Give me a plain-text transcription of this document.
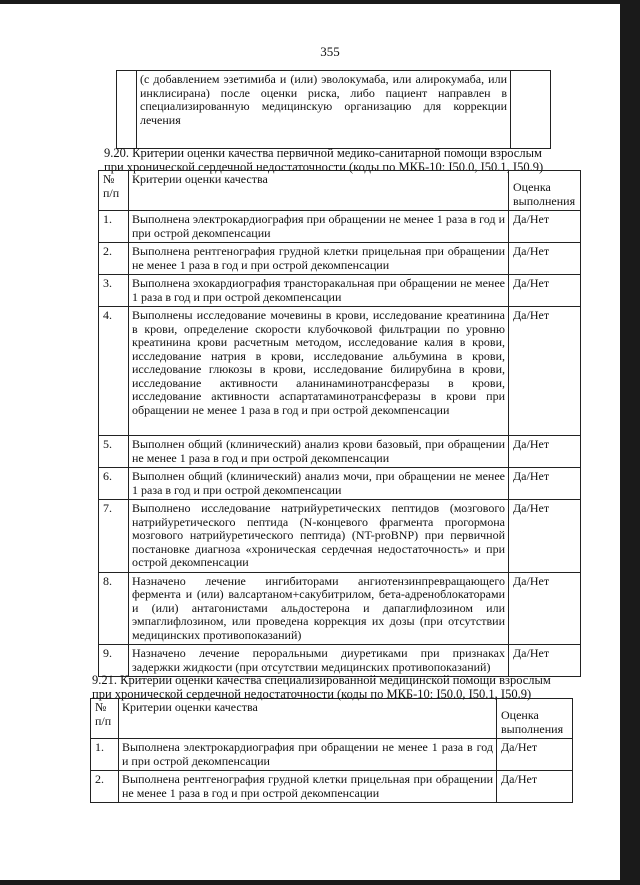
355
	(с добавлением эзетимиба и (или) эволокумаба, или алирокумаба, или инклисирана) после оценки риска, либо пациент направлен в специализированную медицинскую организацию для коррекции лечения	
9.20. Критерии оценки качества первичной медико-санитарной помощи взрослым
при хронической сердечной недостаточности (коды по МКБ-10: I50.0, I50.1, I50.9)
№ п/п	Критерии оценки качества	Оценка выполнения
1.	Выполнена электрокардиография при обращении не менее 1 раза в год и при острой декомпенсации	Да/Нет
2.	Выполнена рентгенография грудной клетки прицельная при обращении не менее 1 раза в год и при острой декомпенсации	Да/Нет
3.	Выполнена эхокардиография трансторакальная при обращении не менее 1 раза в год и при острой декомпенсации	Да/Нет
4.	Выполнены исследование мочевины в крови, исследование креатинина в крови, определение скорости клубочковой фильтрации по уровню креатинина крови расчетным методом, исследование калия в крови, исследование натрия в крови, исследование альбумина в крови, исследование глюкозы в крови, исследование билирубина в крови, исследование активности аланинаминотрансферазы в крови, исследование активности аспартатаминотрансферазы в крови при обращении не менее 1 раза в год и при острой декомпенсации	Да/Нет
5.	Выполнен общий (клинический) анализ крови базовый, при обращении не менее 1 раза в год и при острой декомпенсации	Да/Нет
6.	Выполнен общий (клинический) анализ мочи, при обращении не менее 1 раза в год и при острой декомпенсации	Да/Нет
7.	Выполнено исследование натрийуретических пептидов (мозгового натрийуретического пептида (N-концевого фрагмента прогормона мозгового натрийуретического пептида) (NT-proBNP) при первичной постановке диагноза «хроническая сердечная недостаточность» и при острой декомпенсации	Да/Нет
8.	Назначено лечение ингибиторами ангиотензинпревращающего фермента и (или) валсартаном+сакубитрилом, бета-адреноблокаторами и (или) антагонистами альдостерона и дапаглифлозином или эмпаглифлозином, или проведена коррекция их дозы (при отсутствии медицинских противопоказаний)	Да/Нет
9.	Назначено лечение пероральными диуретиками при признаках задержки жидкости (при отсутствии медицинских противопоказаний)	Да/Нет
9.21. Критерии оценки качества специализированной медицинской помощи взрослым
при хронической сердечной недостаточности (коды по МКБ-10: I50.0, I50.1, I50.9)
№ п/п	Критерии оценки качества	Оценка выполнения
1.	Выполнена электрокардиография при обращении не менее 1 раза в год и при острой декомпенсации	Да/Нет
2.	Выполнена рентгенография грудной клетки прицельная при обращении не менее 1 раза в год и при острой декомпенсации	Да/Нет
